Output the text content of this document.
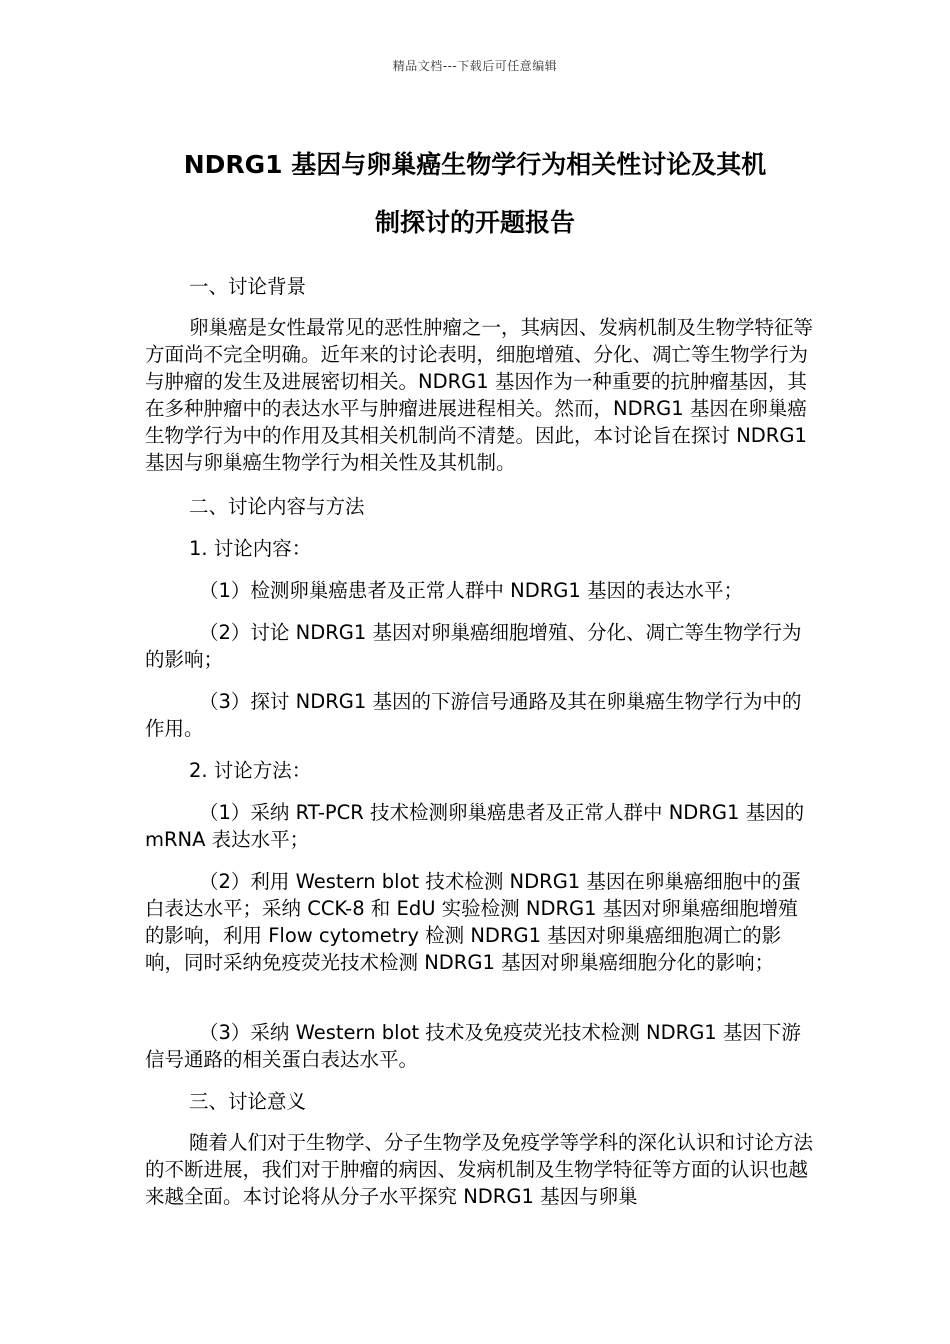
精品文档---下载后可任意编辑
NDRG1 基因与卵巢癌生物学行为相关性讨论及其机
制探讨的开题报告
一、讨论背景
卵巢癌是女性最常见的恶性肿瘤之一，其病因、发病机制及生物学特征等方面尚不完全明确。近年来的讨论表明，细胞增殖、分化、凋亡等生物学行为与肿瘤的发生及进展密切相关。NDRG1 基因作为一种重要的抗肿瘤基因，其在多种肿瘤中的表达水平与肿瘤进展进程相关。然而，NDRG1 基因在卵巢癌生物学行为中的作用及其相关机制尚不清楚。因此，本讨论旨在探讨 NDRG1 基因与卵巢癌生物学行为相关性及其机制。
二、讨论内容与方法
1. 讨论内容：
（1）检测卵巢癌患者及正常人群中 NDRG1 基因的表达水平；
（2）讨论 NDRG1 基因对卵巢癌细胞增殖、分化、凋亡等生物学行为的影响；
（3）探讨 NDRG1 基因的下游信号通路及其在卵巢癌生物学行为中的作用。
2. 讨论方法：
（1）采纳 RT-PCR 技术检测卵巢癌患者及正常人群中 NDRG1 基因的 mRNA 表达水平；
（2）利用 Western blot 技术检测 NDRG1 基因在卵巢癌细胞中的蛋白表达水平；采纳 CCK-8 和 EdU 实验检测 NDRG1 基因对卵巢癌细胞增殖的影响，利用 Flow cytometry 检测 NDRG1 基因对卵巢癌细胞凋亡的影响，同时采纳免疫荧光技术检测 NDRG1 基因对卵巢癌细胞分化的影响；
（3）采纳 Western blot 技术及免疫荧光技术检测 NDRG1 基因下游信号通路的相关蛋白表达水平。
三、讨论意义
随着人们对于生物学、分子生物学及免疫学等学科的深化认识和讨论方法的不断进展，我们对于肿瘤的病因、发病机制及生物学特征等方面的认识也越来越全面。本讨论将从分子水平探究 NDRG1 基因与卵巢
